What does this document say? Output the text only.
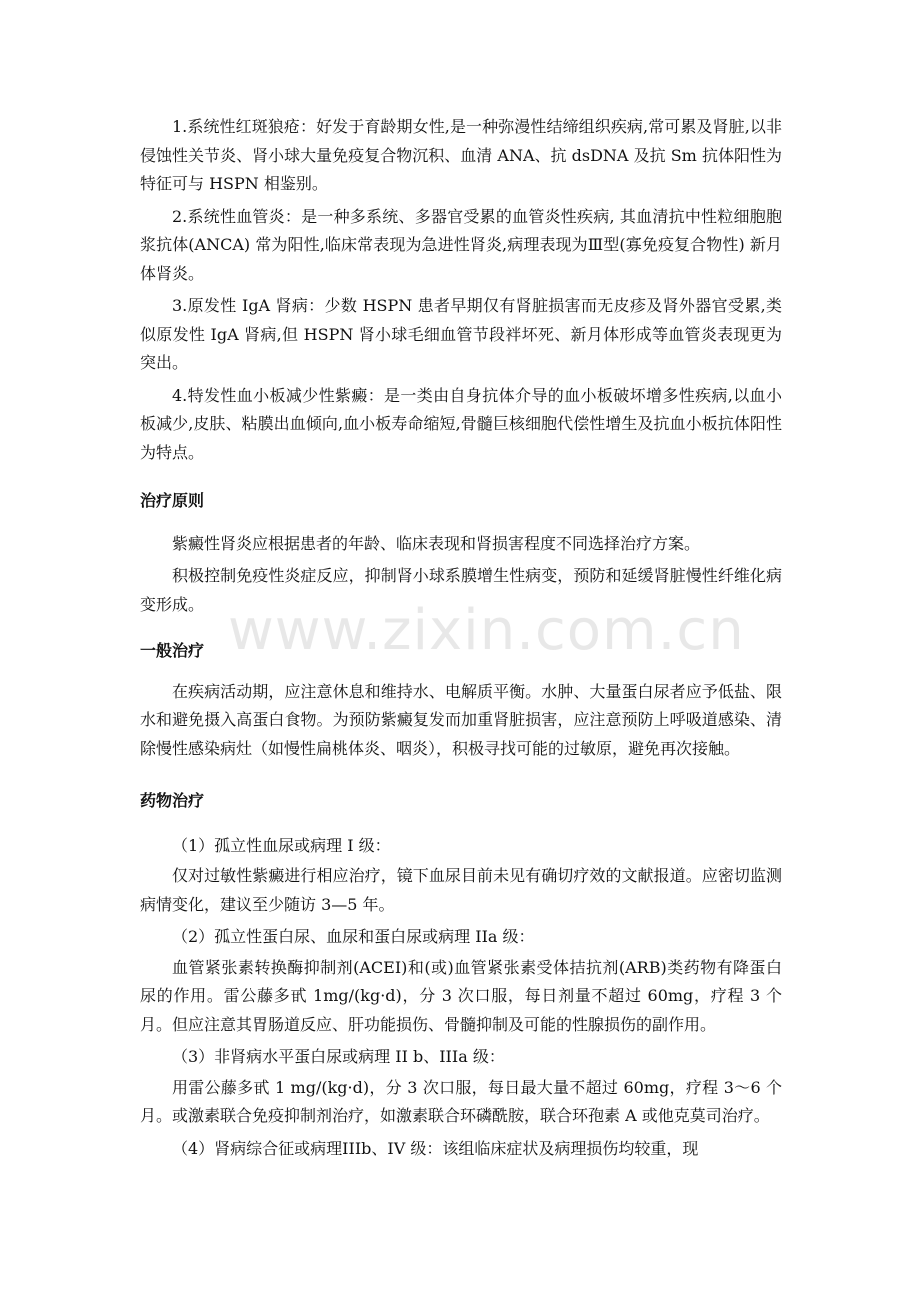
1.系统性红斑狼疮：好发于育龄期女性,是一种弥漫性结缔组织疾病,常可累及肾脏,以非侵蚀性关节炎、肾小球大量免疫复合物沉积、血清 ANA、抗 dsDNA 及抗 Sm 抗体阳性为特征可与 HSPN 相鉴别。

2.系统性血管炎：是一种多系统、多器官受累的血管炎性疾病, 其血清抗中性粒细胞胞浆抗体(ANCA) 常为阳性,临床常表现为急进性肾炎,病理表现为Ⅲ型(寡免疫复合物性) 新月体肾炎。

3.原发性 IgA 肾病：少数 HSPN 患者早期仅有肾脏损害而无皮疹及肾外器官受累,类似原发性 IgA 肾病,但 HSPN 肾小球毛细血管节段袢坏死、新月体形成等血管炎表现更为突出。

4.特发性血小板减少性紫癜：是一类由自身抗体介导的血小板破坏增多性疾病,以血小板减少,皮肤、粘膜出血倾向,血小板寿命缩短,骨髓巨核细胞代偿性增生及抗血小板抗体阳性为特点。

治疗原则

紫癜性肾炎应根据患者的年龄、临床表现和肾损害程度不同选择治疗方案。

积极控制免疫性炎症反应，抑制肾小球系膜增生性病变，预防和延缓肾脏慢性纤维化病变形成。

一般治疗

在疾病活动期，应注意休息和维持水、电解质平衡。水肿、大量蛋白尿者应予低盐、限水和避免摄入高蛋白食物。为预防紫癜复发而加重肾脏损害，应注意预防上呼吸道感染、清除慢性感染病灶（如慢性扁桃体炎、咽炎），积极寻找可能的过敏原，避免再次接触。

药物治疗

（1）孤立性血尿或病理 I 级：

仅对过敏性紫癜进行相应治疗，镜下血尿目前未见有确切疗效的文献报道。应密切监测病情变化，建议至少随访 3—5 年。

（2）孤立性蛋白尿、血尿和蛋白尿或病理 IIa 级：

血管紧张素转换酶抑制剂(ACEI)和(或)血管紧张素受体拮抗剂(ARB)类药物有降蛋白尿的作用。雷公藤多甙 1mg/(kg·d)，分 3 次口服，每日剂量不超过 60mg，疗程 3 个月。但应注意其胃肠道反应、肝功能损伤、骨髓抑制及可能的性腺损伤的副作用。

（3）非肾病水平蛋白尿或病理 II b、IIIa 级：

用雷公藤多甙 1 mg/(kg·d)，分 3 次口服，每日最大量不超过 60mg，疗程 3～6 个月。或激素联合免疫抑制剂治疗，如激素联合环磷酰胺，联合环孢素 A 或他克莫司治疗。

（4）肾病综合征或病理IIIb、IV 级：该组临床症状及病理损伤均较重，现

www.zixin.com.cn
